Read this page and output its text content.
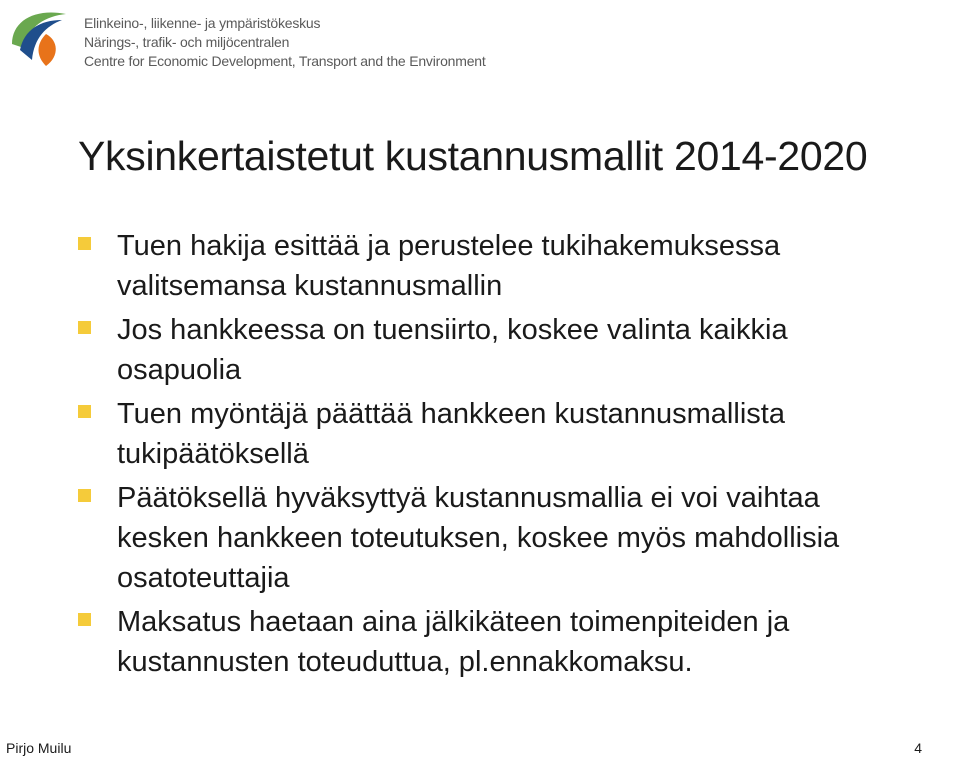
Elinkeino-, liikenne- ja ympäristökeskus
Närings-, trafik- och miljöcentralen
Centre for Economic Development, Transport and the Environment
Yksinkertaistetut kustannusmallit 2014-2020
Tuen hakija esittää ja perustelee tukihakemuksessa
valitsemansa kustannusmallin
Jos hankkeessa on tuensiirto, koskee valinta kaikkia
osapuolia
Tuen myöntäjä päättää hankkeen kustannusmallista
tukipäätöksellä
Päätöksellä hyväksyttyä kustannusmallia ei voi vaihtaa
kesken hankkeen toteutuksen, koskee myös mahdollisia
osatoteuttajia
Maksatus haetaan aina jälkikäteen toimenpiteiden ja
kustannusten toteuduttua, pl.ennakkomaksu.
Pirjo Muilu	4
